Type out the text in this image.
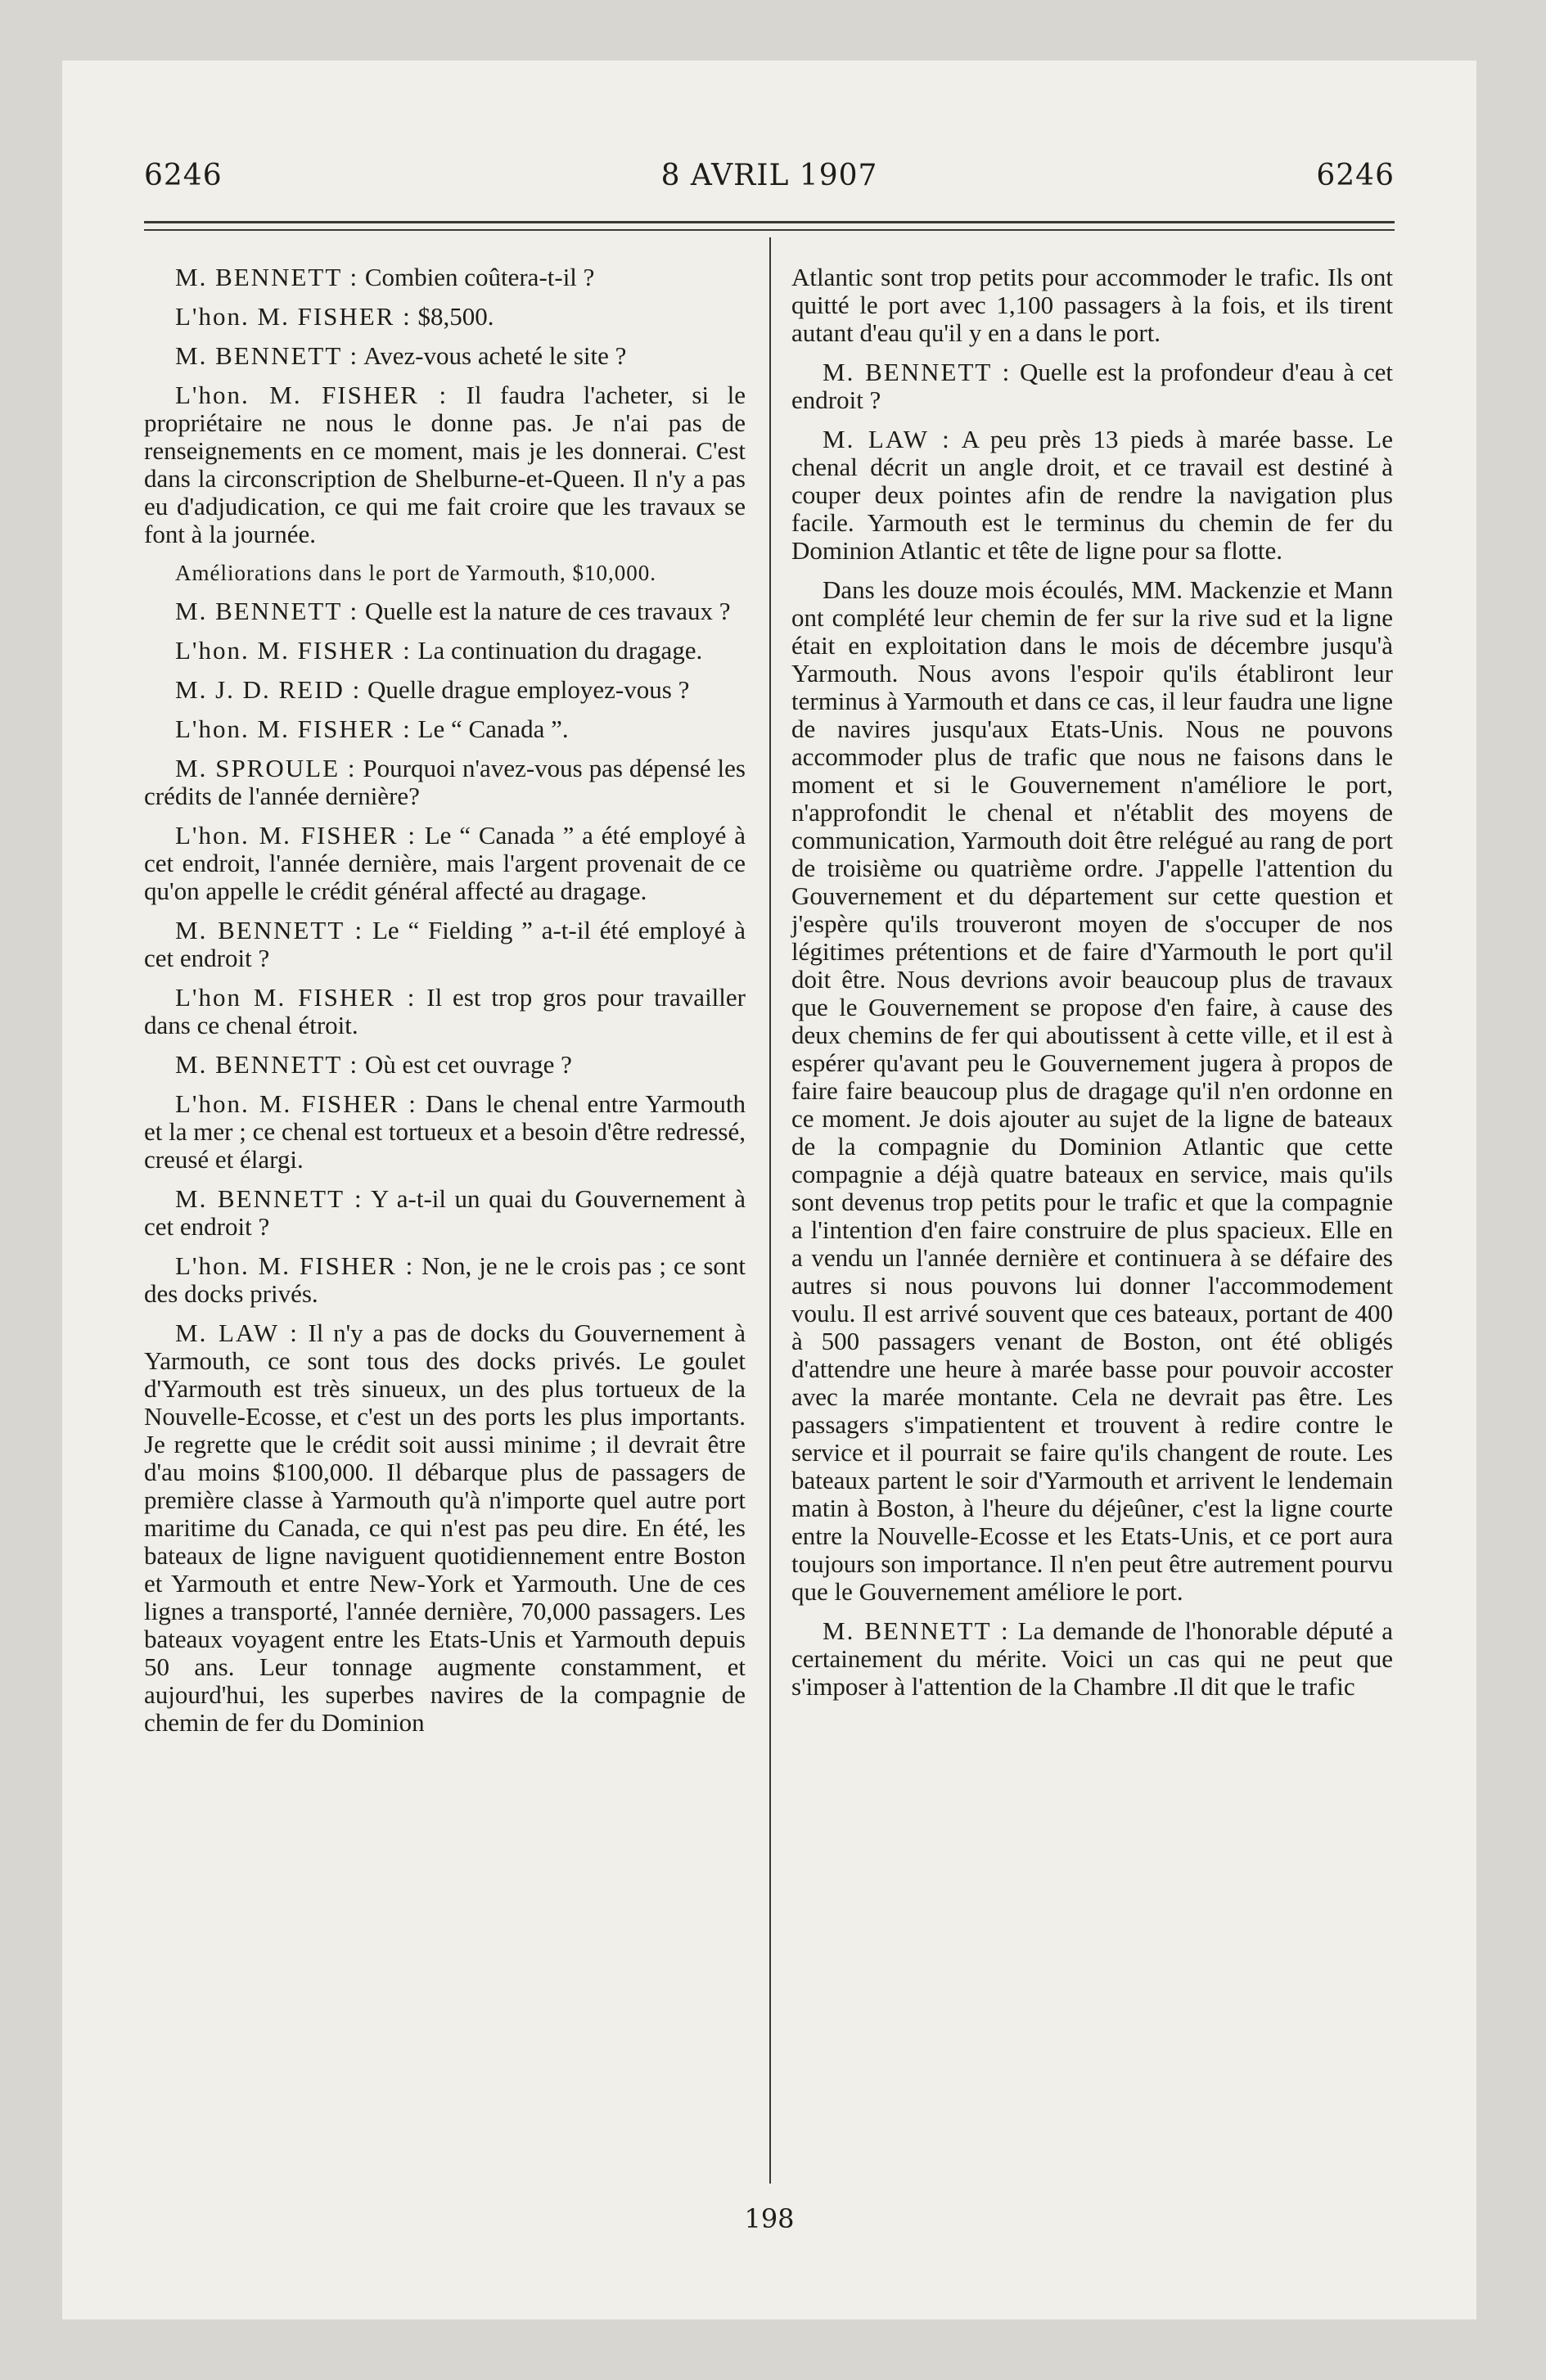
6246	8 AVRIL 1907	6246

M. BENNETT : Combien coûtera-t-il ?

L'hon. M. FISHER : $8,500.

M. BENNETT : Avez-vous acheté le site ?

L'hon. M. FISHER : Il faudra l'acheter, si le propriétaire ne nous le donne pas. Je n'ai pas de renseignements en ce moment, mais je les donnerai. C'est dans la circonscription de Shelburne-et-Queen. Il n'y a pas eu d'adjudication, ce qui me fait croire que les travaux se font à la journée.

Améliorations dans le port de Yarmouth, $10,000.

M. BENNETT : Quelle est la nature de ces travaux ?

L'hon. M. FISHER : La continuation du dragage.

M. J. D. REID : Quelle drague employez-vous ?

L'hon. M. FISHER : Le “ Canada ”.

M. SPROULE : Pourquoi n'avez-vous pas dépensé les crédits de l'année dernière?

L'hon. M. FISHER : Le “ Canada ” a été employé à cet endroit, l'année dernière, mais l'argent provenait de ce qu'on appelle le crédit général affecté au dragage.

M. BENNETT : Le “ Fielding ” a-t-il été employé à cet endroit ?

L'hon M. FISHER : Il est trop gros pour travailler dans ce chenal étroit.

M. BENNETT : Où est cet ouvrage ?

L'hon. M. FISHER : Dans le chenal entre Yarmouth et la mer ; ce chenal est tortueux et a besoin d'être redressé, creusé et élargi.

M. BENNETT : Y a-t-il un quai du Gouvernement à cet endroit ?

L'hon. M. FISHER : Non, je ne le crois pas ; ce sont des docks privés.

M. LAW : Il n'y a pas de docks du Gouvernement à Yarmouth, ce sont tous des docks privés. Le goulet d'Yarmouth est très sinueux, un des plus tortueux de la Nouvelle-Ecosse, et c'est un des ports les plus importants. Je regrette que le crédit soit aussi minime ; il devrait être d'au moins $100,000. Il débarque plus de passagers de première classe à Yarmouth qu'à n'importe quel autre port maritime du Canada, ce qui n'est pas peu dire. En été, les bateaux de ligne naviguent quotidiennement entre Boston et Yarmouth et entre New-York et Yarmouth. Une de ces lignes a transporté, l'année dernière, 70,000 passagers. Les bateaux voyagent entre les Etats-Unis et Yarmouth depuis 50 ans. Leur tonnage augmente constamment, et aujourd'hui, les superbes navires de la compagnie de chemin de fer du Dominion

Atlantic sont trop petits pour accommoder le trafic. Ils ont quitté le port avec 1,100 passagers à la fois, et ils tirent autant d'eau qu'il y en a dans le port.

M. BENNETT : Quelle est la profondeur d'eau à cet endroit ?

M. LAW : A peu près 13 pieds à marée basse. Le chenal décrit un angle droit, et ce travail est destiné à couper deux pointes afin de rendre la navigation plus facile. Yarmouth est le terminus du chemin de fer du Dominion Atlantic et tête de ligne pour sa flotte.

Dans les douze mois écoulés, MM. Mackenzie et Mann ont complété leur chemin de fer sur la rive sud et la ligne était en exploitation dans le mois de décembre jusqu'à Yarmouth. Nous avons l'espoir qu'ils établiront leur terminus à Yarmouth et dans ce cas, il leur faudra une ligne de navires jusqu'aux Etats-Unis. Nous ne pouvons accommoder plus de trafic que nous ne faisons dans le moment et si le Gouvernement n'améliore le port, n'approfondit le chenal et n'établit des moyens de communication, Yarmouth doit être relégué au rang de port de troisième ou quatrième ordre. J'appelle l'attention du Gouvernement et du département sur cette question et j'espère qu'ils trouveront moyen de s'occuper de nos légitimes prétentions et de faire d'Yarmouth le port qu'il doit être. Nous devrions avoir beaucoup plus de travaux que le Gouvernement se propose d'en faire, à cause des deux chemins de fer qui aboutissent à cette ville, et il est à espérer qu'avant peu le Gouvernement jugera à propos de faire faire beaucoup plus de dragage qu'il n'en ordonne en ce moment. Je dois ajouter au sujet de la ligne de bateaux de la compagnie du Dominion Atlantic que cette compagnie a déjà quatre bateaux en service, mais qu'ils sont devenus trop petits pour le trafic et que la compagnie a l'intention d'en faire construire de plus spacieux. Elle en a vendu un l'année dernière et continuera à se défaire des autres si nous pouvons lui donner l'accommodement voulu. Il est arrivé souvent que ces bateaux, portant de 400 à 500 passagers venant de Boston, ont été obligés d'attendre une heure à marée basse pour pouvoir accoster avec la marée montante. Cela ne devrait pas être. Les passagers s'impatientent et trouvent à redire contre le service et il pourrait se faire qu'ils changent de route. Les bateaux partent le soir d'Yarmouth et arrivent le lendemain matin à Boston, à l'heure du déjeûner, c'est la ligne courte entre la Nouvelle-Ecosse et les Etats-Unis, et ce port aura toujours son importance. Il n'en peut être autrement pourvu que le Gouvernement améliore le port.

M. BENNETT : La demande de l'honorable député a certainement du mérite. Voici un cas qui ne peut que s'imposer à l'attention de la Chambre .Il dit que le trafic

198
